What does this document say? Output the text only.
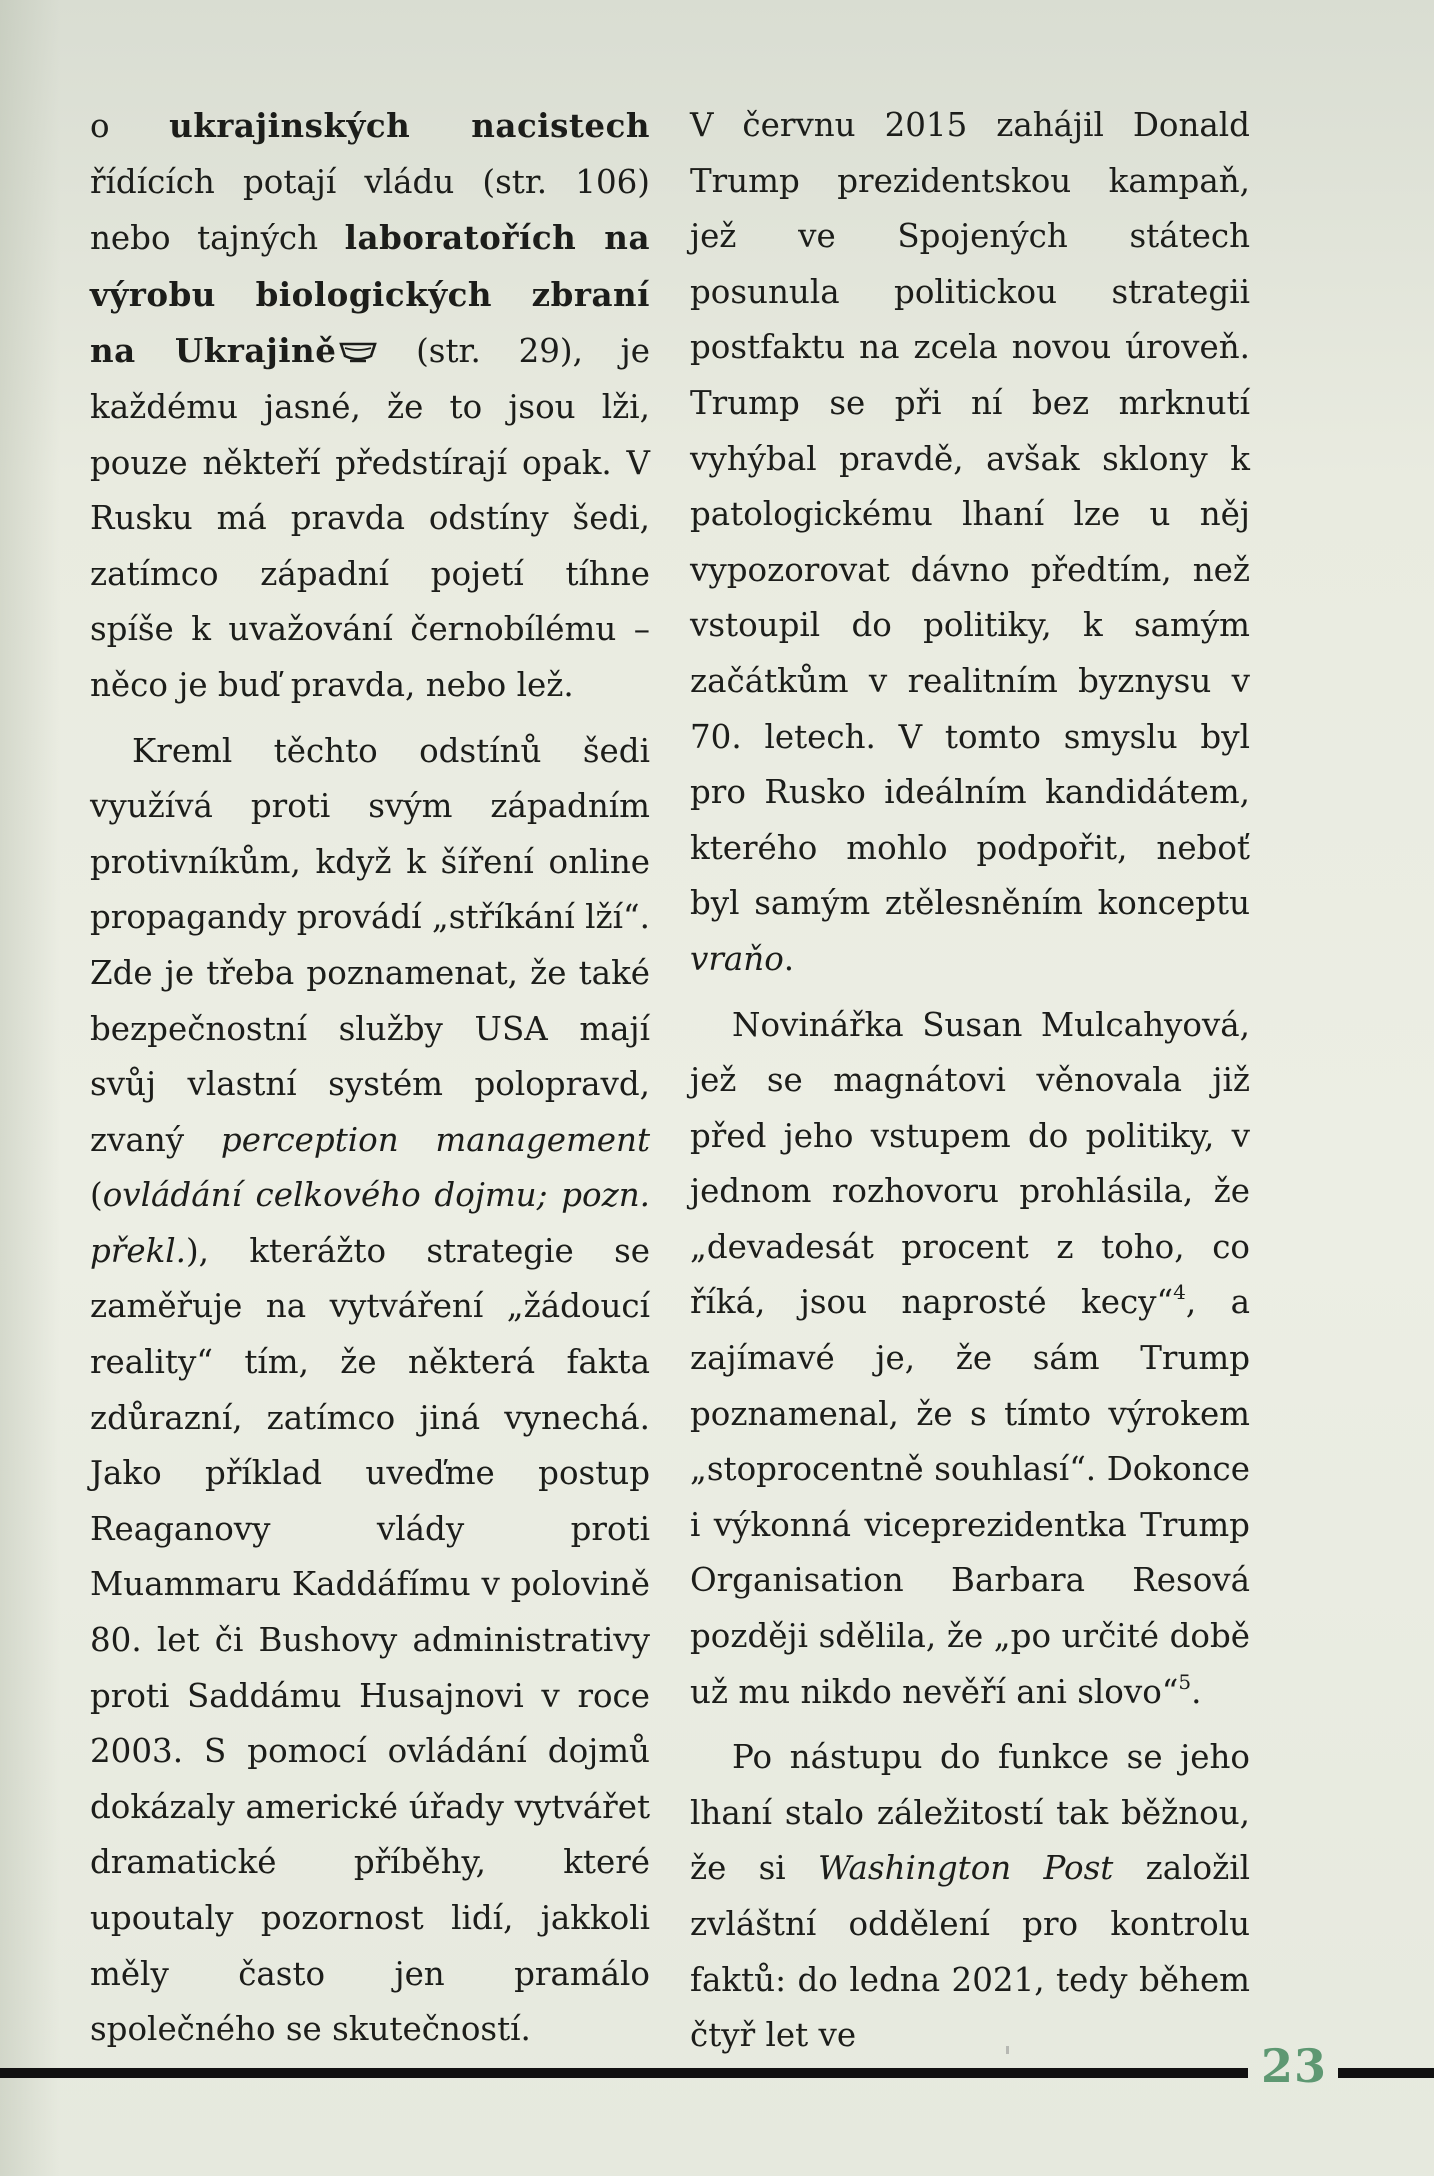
o ukrajinských nacistech řídících potají vládu (str. 106) nebo tajných laboratořích na výrobu biologických zbraní na Ukrajině (str. 29), je každému jasné, že to jsou lži, pouze někteří předstírají opak. V Rusku má pravda odstíny šedi, zatímco západní pojetí tíhne spíše k uvažování černobílému – něco je buď pravda, nebo lež.

Kreml těchto odstínů šedi využívá proti svým západním protivníkům, když k šíření online propagandy provádí „stříkání lží“. Zde je třeba poznamenat, že také bezpečnostní služby USA mají svůj vlastní systém polopravd, zvaný perception management (ovládání celkového dojmu; pozn. překl.), kterážto strategie se zaměřuje na vytváření „žádoucí reality“ tím, že některá fakta zdůrazní, zatímco jiná vynechá. Jako příklad uveďme postup Reaganovy vlády proti Muammaru Kaddáfímu v polovině 80. let či Bushovy administrativy proti Saddámu Husajnovi v roce 2003. S pomocí ovládání dojmů dokázaly americké úřady vytvářet dramatické příběhy, které upoutaly pozornost lidí, jakkoli měly často jen pramálo společného se skutečností.

V červnu 2015 zahájil Donald Trump prezidentskou kampaň, jež ve Spojených státech posunula politickou strategii postfaktu na zcela novou úroveň. Trump se při ní bez mrknutí vyhýbal pravdě, avšak sklony k patologickému lhaní lze u něj vypozorovat dávno předtím, než vstoupil do politiky, k samým začátkům v realitním byznysu v 70. letech. V tomto smyslu byl pro Rusko ideálním kandidátem, kterého mohlo podpořit, neboť byl samým ztělesněním konceptu vraňo.

Novinářka Susan Mulcahyová, jež se magnátovi věnovala již před jeho vstupem do politiky, v jednom rozhovoru prohlásila, že „devadesát procent z toho, co říká, jsou naprosté kecy“$^4$, a zajímavé je, že sám Trump poznamenal, že s tímto výrokem „stoprocentně souhlasí“. Dokonce i výkonná viceprezidentka Trump Organisation Barbara Resová později sdělila, že „po určité době už mu nikdo nevěří ani slovo“$^5$.

Po nástupu do funkce se jeho lhaní stalo záležitostí tak běžnou, že si Washington Post založil zvláštní oddělení pro kontrolu faktů: do ledna 2021, tedy během čtyř let ve

23
